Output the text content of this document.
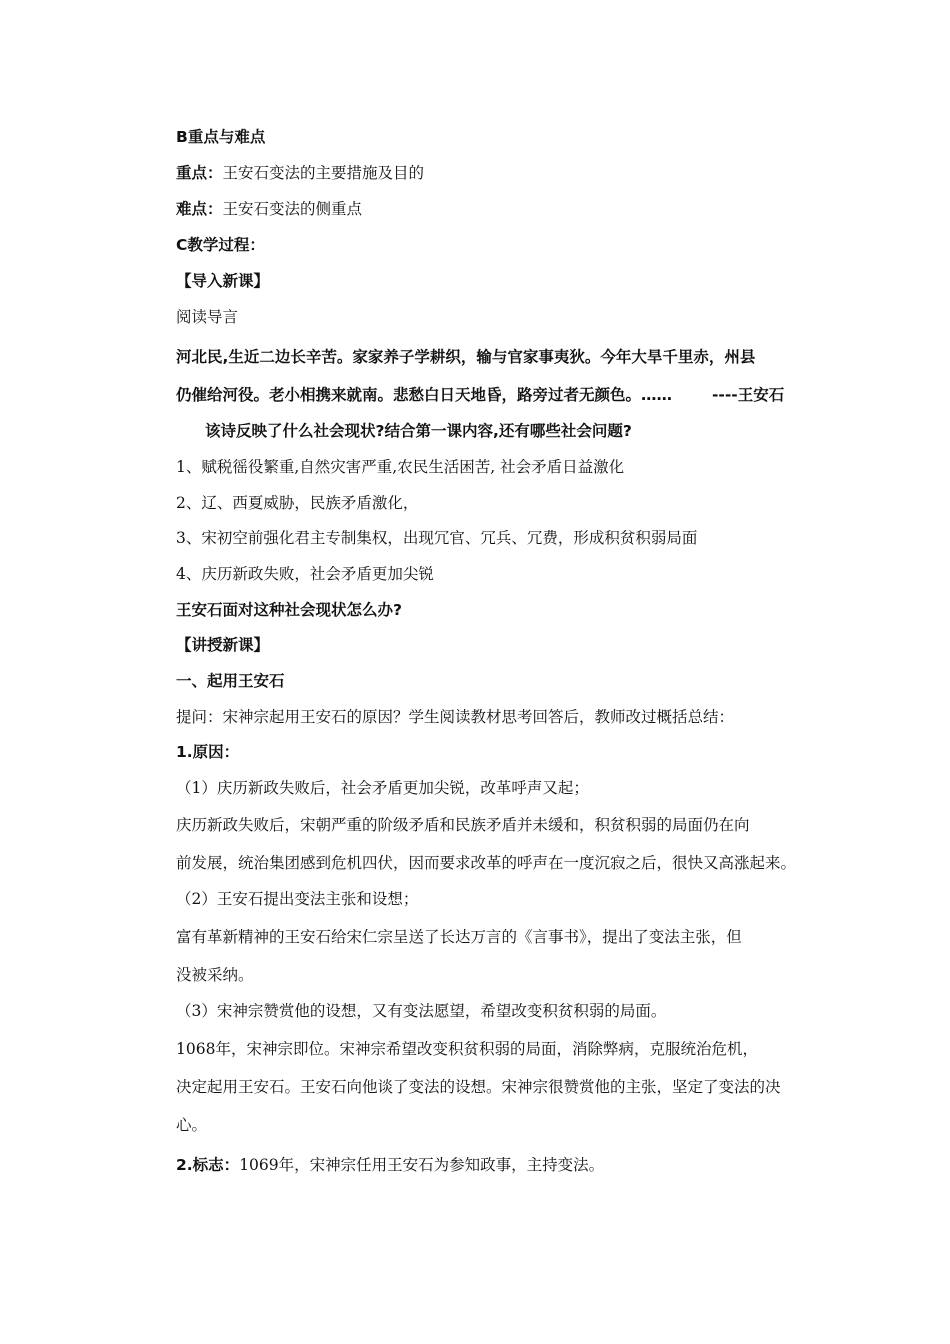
B重点与难点
重点：王安石变法的主要措施及目的
难点：王安石变法的侧重点
C教学过程：
【导入新课】
阅读导言
河北民,生近二边长辛苦。家家养子学耕织，输与官家事夷狄。今年大旱千里赤，州县
仍催给河役。老小相携来就南。悲愁白日天地昏，路旁过者无颜色。……	----王安石
该诗反映了什么社会现状?结合第一课内容,还有哪些社会问题?
1、赋税徭役繁重,自然灾害严重,农民生活困苦, 社会矛盾日益激化
2、辽、西夏威胁，民族矛盾激化，
3、宋初空前强化君主专制集权，出现冗官、冗兵、冗费，形成积贫积弱局面
4、庆历新政失败，社会矛盾更加尖锐
王安石面对这种社会现状怎么办?
【讲授新课】
一、起用王安石
提问：宋神宗起用王安石的原因？学生阅读教材思考回答后，教师改过概括总结：
1.原因：
（1）庆历新政失败后，社会矛盾更加尖锐，改革呼声又起；
庆历新政失败后，宋朝严重的阶级矛盾和民族矛盾并未缓和，积贫积弱的局面仍在向
前发展，统治集团感到危机四伏，因而要求改革的呼声在一度沉寂之后，很快又高涨起来。
（2）王安石提出变法主张和设想；
富有革新精神的王安石给宋仁宗呈送了长达万言的《言事书》，提出了变法主张，但
没被采纳。
（3）宋神宗赞赏他的设想，又有变法愿望，希望改变积贫积弱的局面。
1068年，宋神宗即位。宋神宗希望改变积贫积弱的局面，消除弊病，克服统治危机，
决定起用王安石。王安石向他谈了变法的设想。宋神宗很赞赏他的主张，坚定了变法的决
心。
2.标志：1069年，宋神宗任用王安石为参知政事，主持变法。
